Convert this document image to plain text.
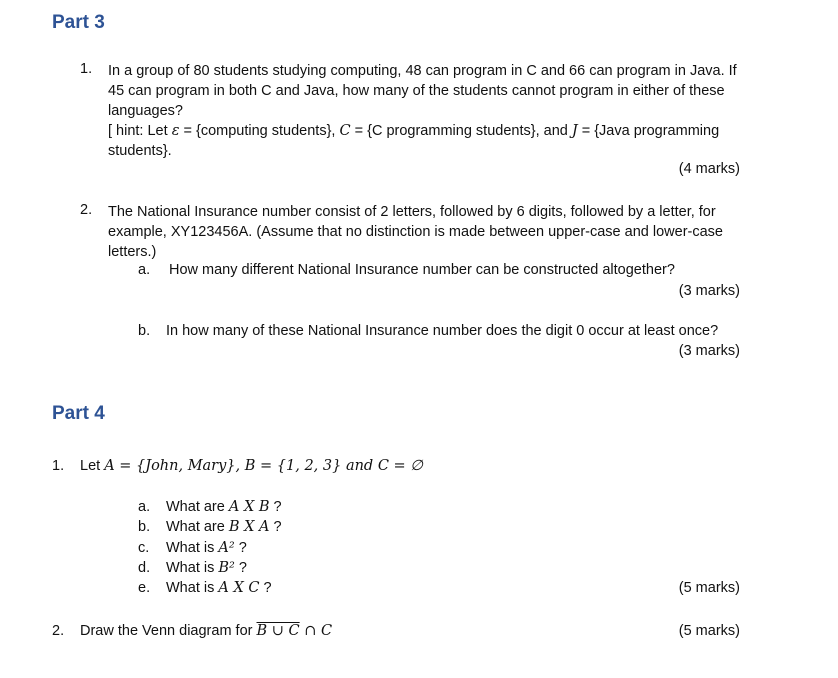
Part 3
1. In a group of 80 students studying computing, 48 can program in C and 66 can program in Java. If
45 can program in both C and Java, how many of the students cannot program in either of these
languages?
[ hint: Let ε = {computing students}, C = {C programming students}, and J = {Java programming
students}.
(4 marks)
2. The National Insurance number consist of 2 letters, followed by 6 digits, followed by a letter, for
example, XY123456A. (Assume that no distinction is made between upper-case and lower-case
letters.)
a. How many different National Insurance number can be constructed altogether?
(3 marks)
b. In how many of these National Insurance number does the digit 0 occur at least once?
(3 marks)
Part 4
1. Let A = {John, Mary}, B = {1, 2, 3} and C = ∅
a. What are A X B ?
b. What are B X A ?
c. What is A² ?
d. What is B² ?
e. What is A X C ?	(5 marks)
2. Draw the Venn diagram for B ∪ C ∩ C	(5 marks)
